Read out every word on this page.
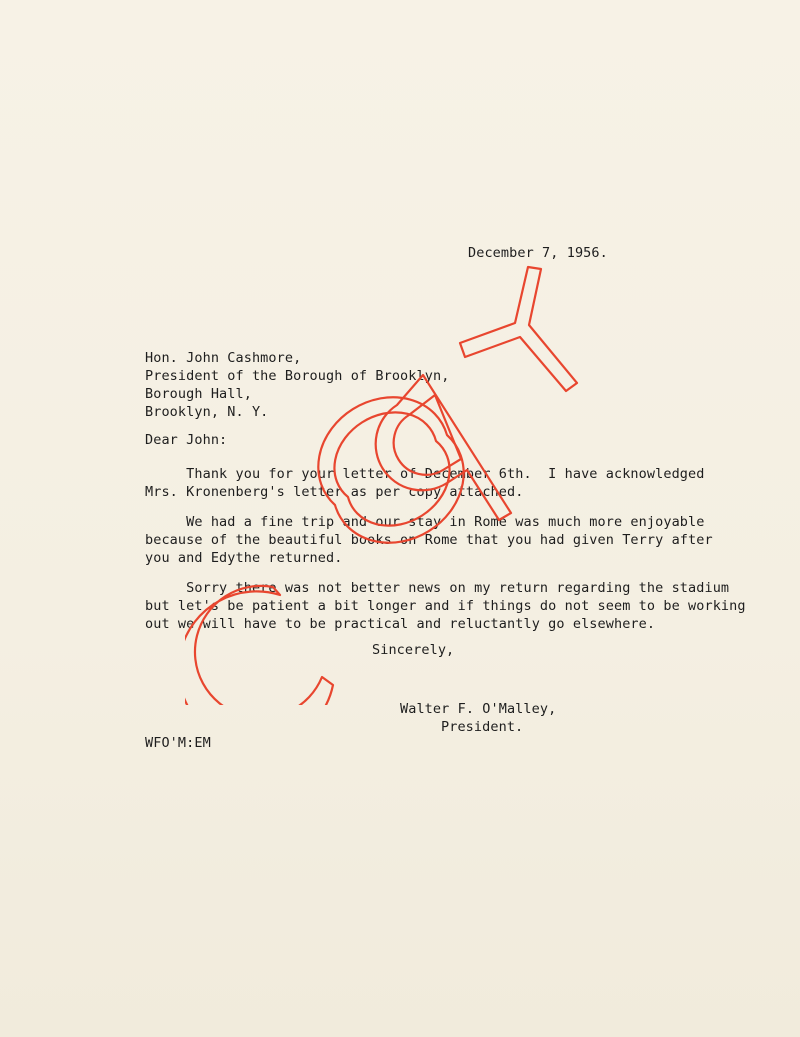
December 7, 1956.
Hon. John Cashmore,
President of the Borough of Brooklyn,
Borough Hall,
Brooklyn, N. Y.
Dear John:
Thank you for your letter of December 6th.  I have acknowledged
Mrs. Kronenberg's letter as per copy attached.
We had a fine trip and our stay in Rome was much more enjoyable
because of the beautiful books on Rome that you had given Terry after
you and Edythe returned.
Sorry there was not better news on my return regarding the stadium
but let's be patient a bit longer and if things do not seem to be working
out we will have to be practical and reluctantly go elsewhere.
Sincerely,
Walter F. O'Malley,
President.
WFO'M:EM
